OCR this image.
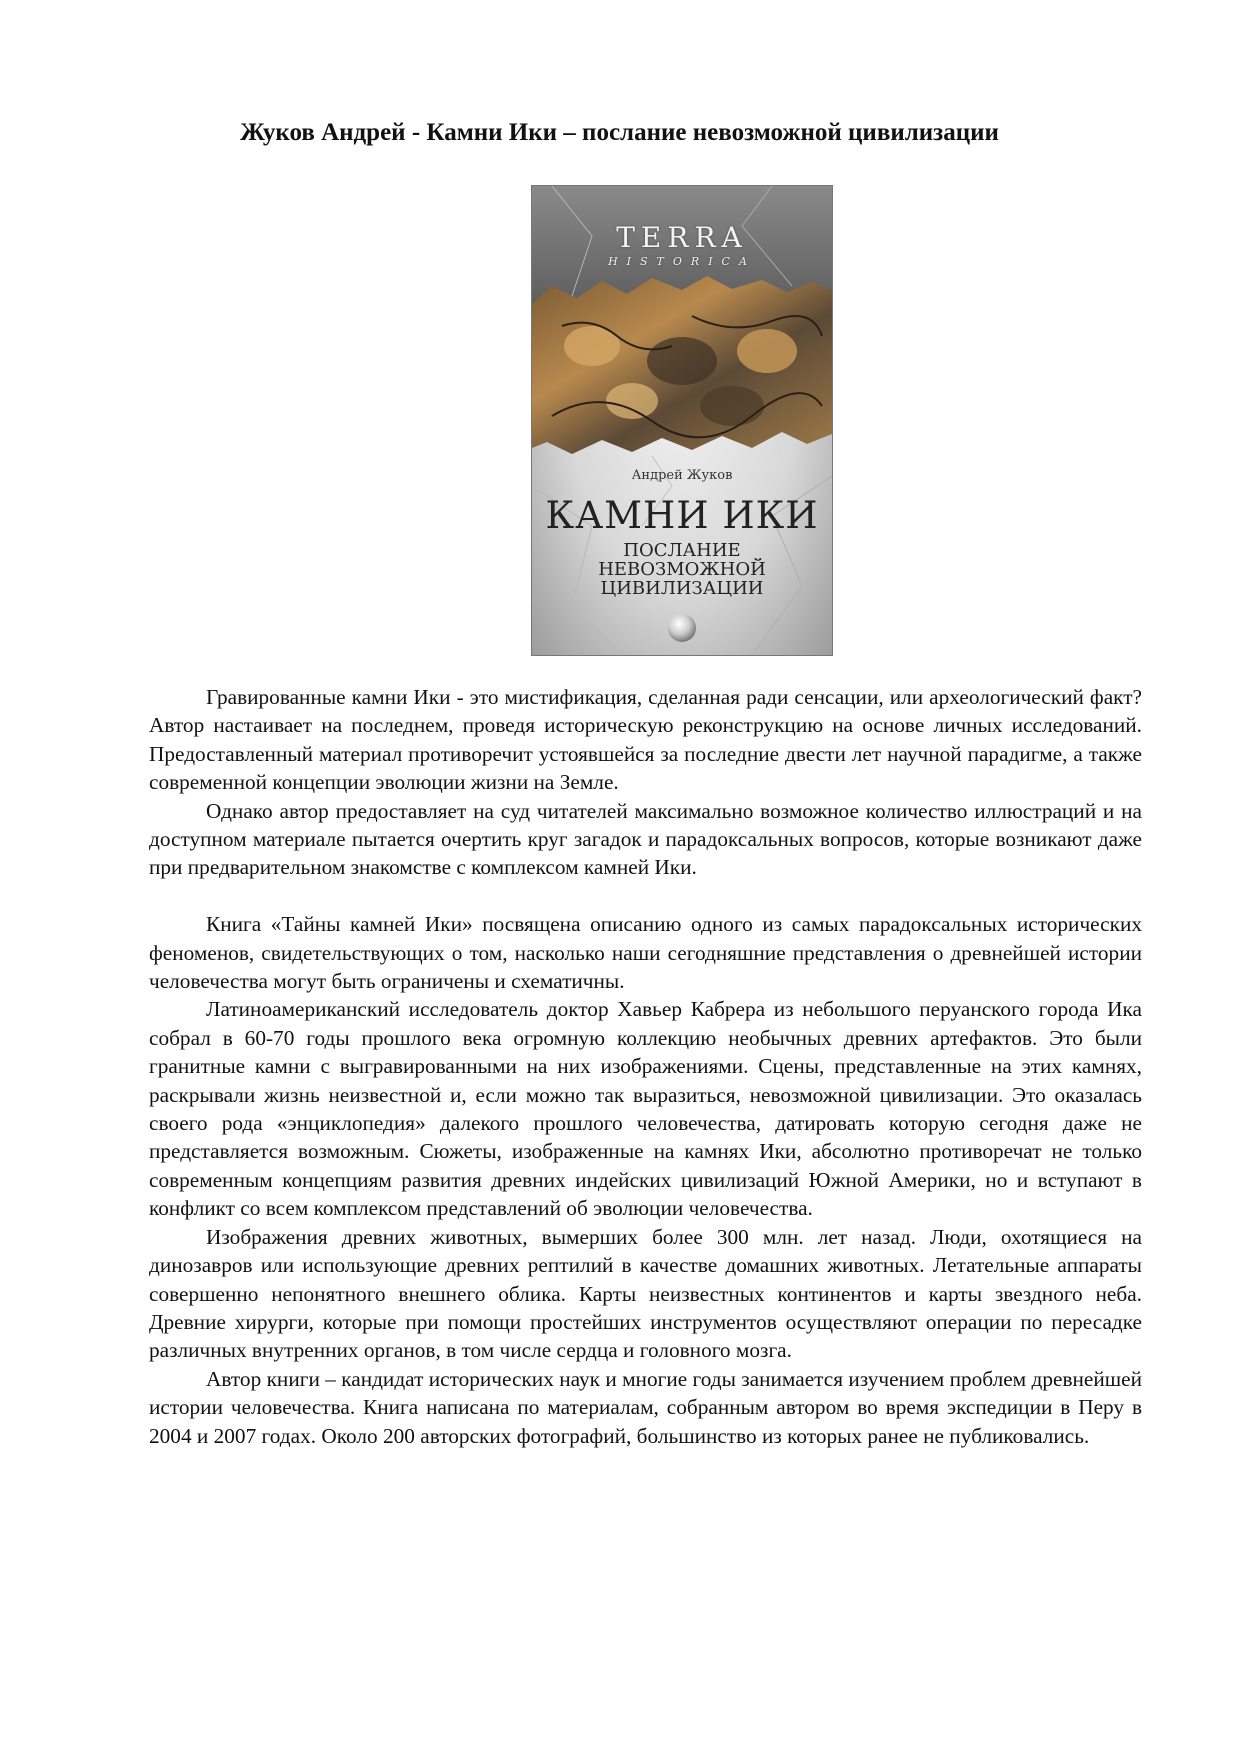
Жуков Андрей - Камни Ики – послание невозможной цивилизации
TERRA
HISTORICA
Андрей Жуков
КАМНИ ИКИ
ПОСЛАНИЕ
НЕВОЗМОЖНОЙ
ЦИВИЛИЗАЦИИ

Гравированные камни Ики - это мистификация, сделанная ради сенсации, или археологический факт? Автор настаивает на последнем, проведя историческую реконструкцию на основе личных исследований. Предоставленный материал противоречит устоявшейся за последние двести лет научной парадигме, а также современной концепции эволюции жизни на Земле.

Однако автор предоставляет на суд читателей максимально возможное количество иллюстраций и на доступном материале пытается очертить круг загадок и парадоксальных вопросов, которые возникают даже при предварительном знакомстве с комплексом камней Ики.

Книга «Тайны камней Ики» посвящена описанию одного из самых парадоксальных исторических феноменов, свидетельствующих о том, насколько наши сегодняшние представления о древнейшей истории человечества могут быть ограничены и схематичны.

Латиноамериканский исследователь доктор Хавьер Кабрера из небольшого перуанского города Ика собрал в 60-70 годы прошлого века огромную коллекцию необычных древних артефактов. Это были гранитные камни с выгравированными на них изображениями. Сцены, представленные на этих камнях, раскрывали жизнь неизвестной и, если можно так выразиться, невозможной цивилизации. Это оказалась своего рода «энциклопедия» далекого прошлого человечества, датировать которую сегодня даже не представляется возможным. Сюжеты, изображенные на камнях Ики, абсолютно противоречат не только современным концепциям развития древних индейских цивилизаций Южной Америки, но и вступают в конфликт со всем комплексом представлений об эволюции человечества.

Изображения древних животных, вымерших более 300 млн. лет назад. Люди, охотящиеся на динозавров или использующие древних рептилий в качестве домашних животных. Летательные аппараты совершенно непонятного внешнего облика. Карты неизвестных континентов и карты звездного неба. Древние хирурги, которые при помощи простейших инструментов осуществляют операции по пересадке различных внутренних органов, в том числе сердца и головного мозга.

Автор книги – кандидат исторических наук и многие годы занимается изучением проблем древнейшей истории человечества. Книга написана по материалам, собранным автором во время экспедиции в Перу в 2004 и 2007 годах. Около 200 авторских фотографий, большинство из которых ранее не публиковались.
